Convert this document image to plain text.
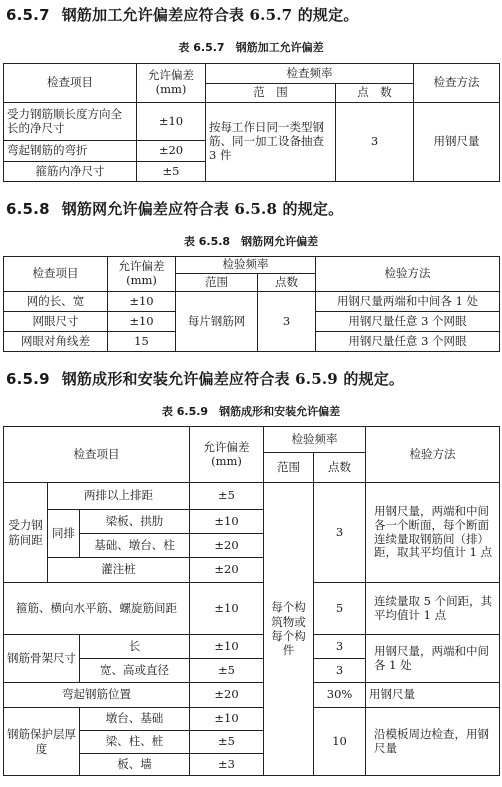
6.5.7 钢筋加工允许偏差应符合表 6.5.7 的规定。
表 6.5.7　钢筋加工允许偏差
检查项目	允许偏差(mm)	检查频率		检查方法
		范　围	点　数	
受力钢筋顺长度方向全长的净尺寸	±10	按每工作日同一类型钢筋、同一加工设备抽查 3 件	3	用钢尺量
弯起钢筋的弯折	±20			
箍筋内净尺寸	±5			
6.5.8 钢筋网允许偏差应符合表 6.5.8 的规定。
表 6.5.8　钢筋网允许偏差
检查项目	允许偏差(mm)	检验频率		检验方法
		范围	点数	
网的长、宽	±10	每片钢筋网	3	用钢尺量两端和中间各 1 处
网眼尺寸	±10			用钢尺量任意 3 个网眼
网眼对角线差	15			用钢尺量任意 3 个网眼
6.5.9 钢筋成形和安装允许偏差应符合表 6.5.9 的规定。
表 6.5.9　钢筋成形和安装允许偏差
检查项目			允许偏差(mm)	检验频率		检验方法
				范围	点数	
受力钢筋间距	两排以上排距		±5	每个构筑物或每个构件	3	用钢尺量，两端和中间各一个断面，每个断面连续量取钢筋间（排）距，取其平均值计 1 点
	同排	梁板、拱肋	±10			
		基础、墩台、柱	±20			
	灌注桩		±20			
箍筋、横向水平筋、螺旋筋间距			±10		5	连续量取 5 个间距，其平均值计 1 点
钢筋骨架尺寸		长	±10		3	用钢尺量，两端和中间各 1 处
		宽、高或直径	±5		3	
弯起钢筋位置			±20		30%	用钢尺量
钢筋保护层厚度		墩台、基础	±10		10	沿模板周边检查，用钢尺量
		梁、柱、桩	±5			
		板、墙	±3			
